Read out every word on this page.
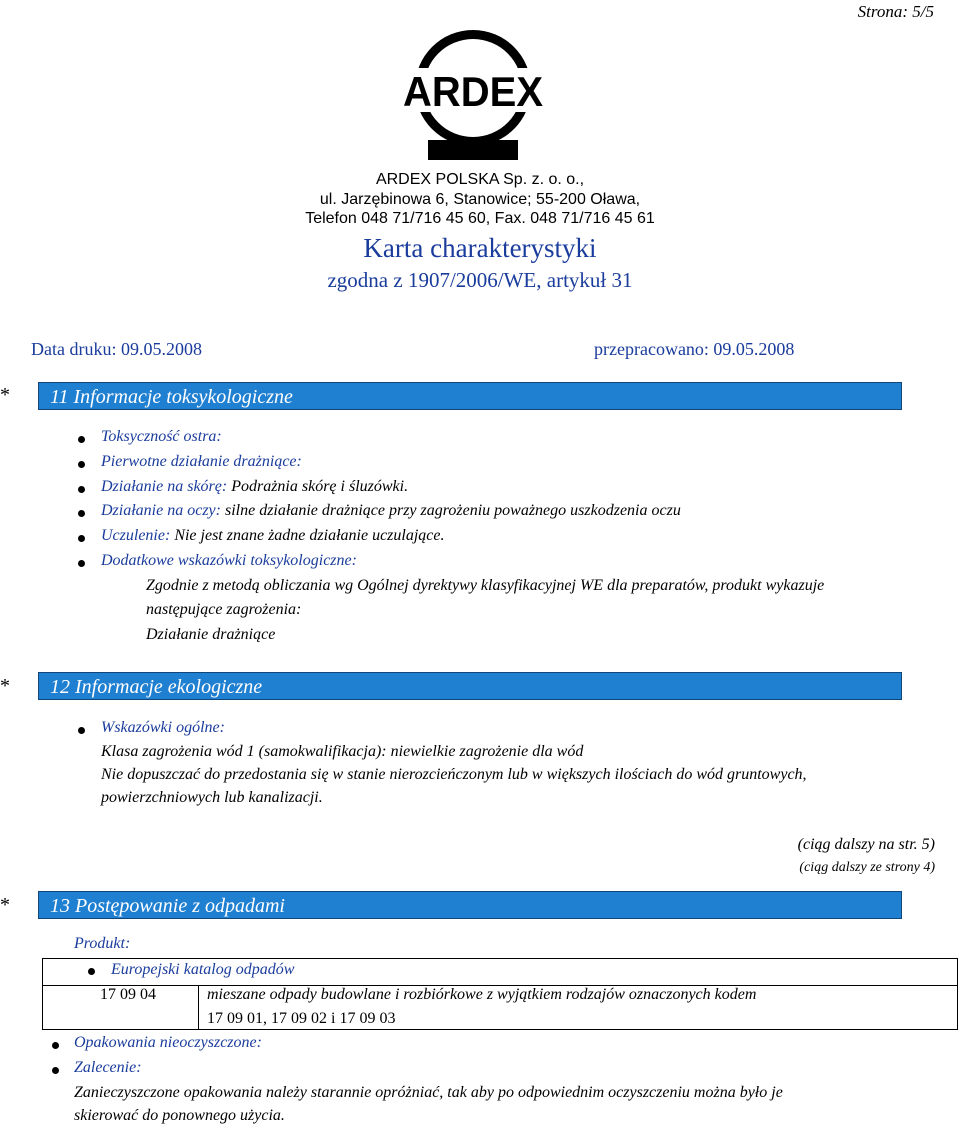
Strona: 5/5
ARDEX
ARDEX POLSKA Sp. z. o. o.,
ul. Jarzębinowa 6, Stanowice; 55-200 Oława,
Telefon 048 71/716 45 60, Fax. 048 71/716 45 61
Karta charakterystyki
zgodna z 1907/2006/WE, artykuł 31
Data druku: 09.05.2008	przepracowano: 09.05.2008
*	11 Informacje toksykologiczne
Toksyczność ostra:
Pierwotne działanie drażniące:
Działanie na skórę: Podrażnia skórę i śluzówki.
Działanie na oczy: silne działanie drażniące przy zagrożeniu poważnego uszkodzenia oczu
Uczulenie: Nie jest znane żadne działanie uczulające.
Dodatkowe wskazówki toksykologiczne:
Zgodnie z metodą obliczania wg Ogólnej dyrektywy klasyfikacyjnej WE dla preparatów, produkt wykazuje
następujące zagrożenia:
Działanie drażniące
*	12 Informacje ekologiczne
Wskazówki ogólne:
Klasa zagrożenia wód 1 (samokwalifikacja): niewielkie zagrożenie dla wód
Nie dopuszczać do przedostania się w stanie nierozcieńczonym lub w większych ilościach do wód gruntowych,
powierzchniowych lub kanalizacji.
(ciąg dalszy na str. 5)
(ciąg dalszy ze strony 4)
*	13 Postępowanie z odpadami
Produkt:
Europejski katalog odpadów
17 09 04	mieszane odpady budowlane i rozbiórkowe z wyjątkiem rodzajów oznaczonych kodem
17 09 01, 17 09 02 i 17 09 03
Opakowania nieoczyszczone:
Zalecenie:
Zanieczyszczone opakowania należy starannie opróżniać, tak aby po odpowiednim oczyszczeniu można było je
skierować do ponownego użycia.
